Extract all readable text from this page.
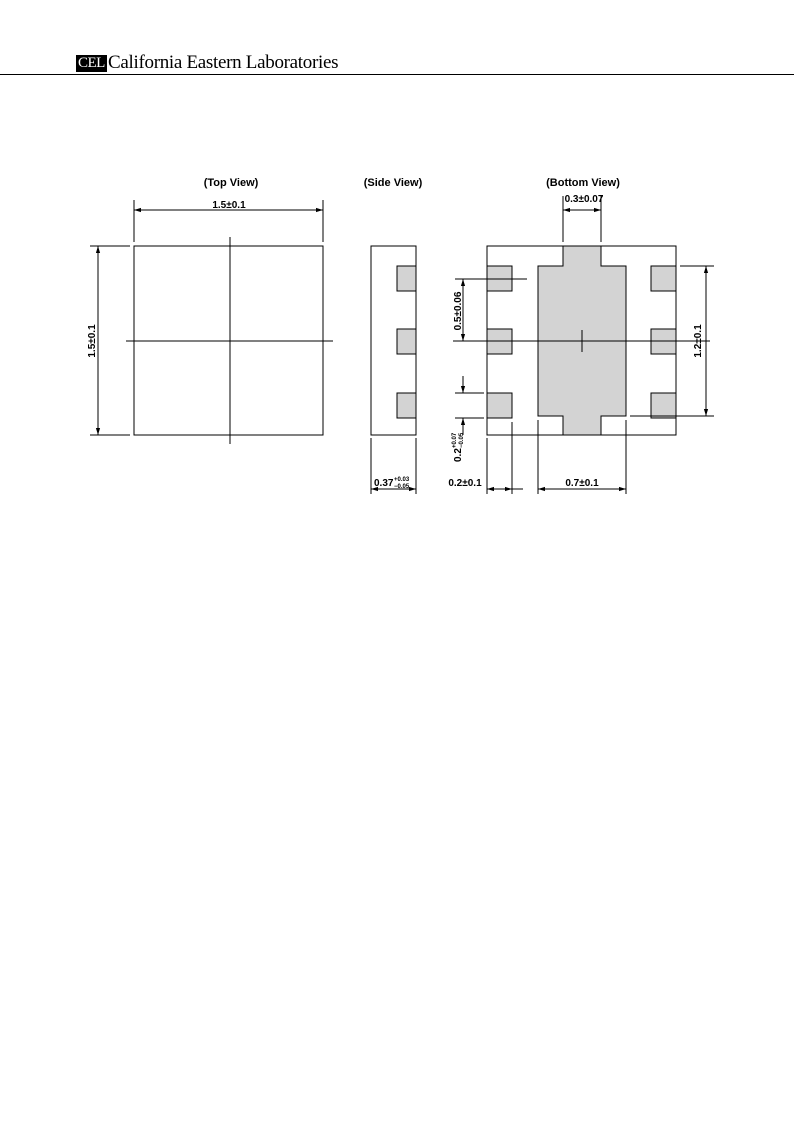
CEL California Eastern Laboratories
(Top View)	(Side View)	(Bottom View)
1.5±0.1
1.5±0.1
0.37 +0.03
−0.05
0.3±0.07
0.5±0.06
0.2
+0.07 −0.05
1.2±0.1
0.2±0.1	0.7±0.1
